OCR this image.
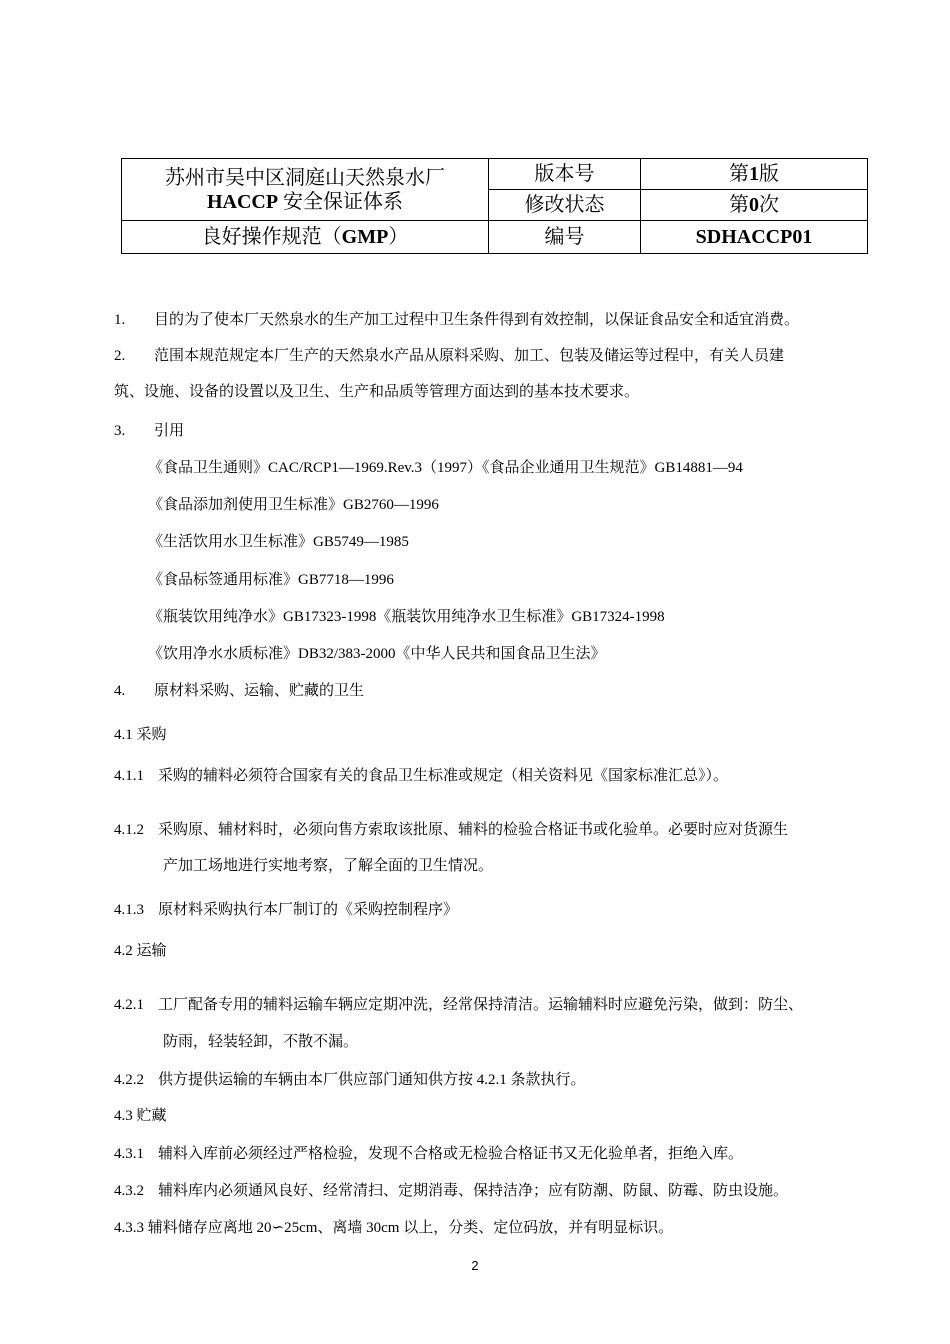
苏州市吴中区洞庭山天然泉水厂
HACCP 安全保证体系	版本号	第1版
	修改状态	第0次
良好操作规范（GMP）	编号	SDHACCP01
1. 目的为了使本厂天然泉水的生产加工过程中卫生条件得到有效控制，以保证食品安全和适宜消费。
2. 范围本规范规定本厂生产的天然泉水产品从原料采购、加工、包装及储运等过程中，有关人员建
筑、设施、设备的设置以及卫生、生产和品质等管理方面达到的基本技术要求。
3. 引用
《食品卫生通则》CAC/RCP1—1969.Rev.3（1997）《食品企业通用卫生规范》GB14881—94
《食品添加剂使用卫生标准》GB2760—1996
《生活饮用水卫生标准》GB5749—1985
《食品标签通用标准》GB7718—1996
《瓶装饮用纯净水》GB17323-1998《瓶装饮用纯净水卫生标准》GB17324-1998
《饮用净水水质标准》DB32/383-2000《中华人民共和国食品卫生法》
4. 原材料采购、运输、贮藏的卫生
4.1 采购
4.1.1 采购的辅料必须符合国家有关的食品卫生标准或规定（相关资料见《国家标准汇总》）。
4.1.2 采购原、辅材料时，必须向售方索取该批原、辅料的检验合格证书或化验单。必要时应对货源生
产加工场地进行实地考察，了解全面的卫生情况。
4.1.3 原材料采购执行本厂制订的《采购控制程序》
4.2 运输
4.2.1 工厂配备专用的辅料运输车辆应定期冲洗，经常保持清洁。运输辅料时应避免污染，做到：防尘、
防雨，轻装轻卸，不散不漏。
4.2.2 供方提供运输的车辆由本厂供应部门通知供方按 4.2.1 条款执行。
4.3 贮藏
4.3.1 辅料入库前必须经过严格检验，发现不合格或无检验合格证书又无化验单者，拒绝入库。
4.3.2 辅料库内必须通风良好、经常清扫、定期消毒、保持洁净；应有防潮、防鼠、防霉、防虫设施。
4.3.3 辅料储存应离地 20∽25cm、离墙 30cm 以上，分类、定位码放，并有明显标识。
2
